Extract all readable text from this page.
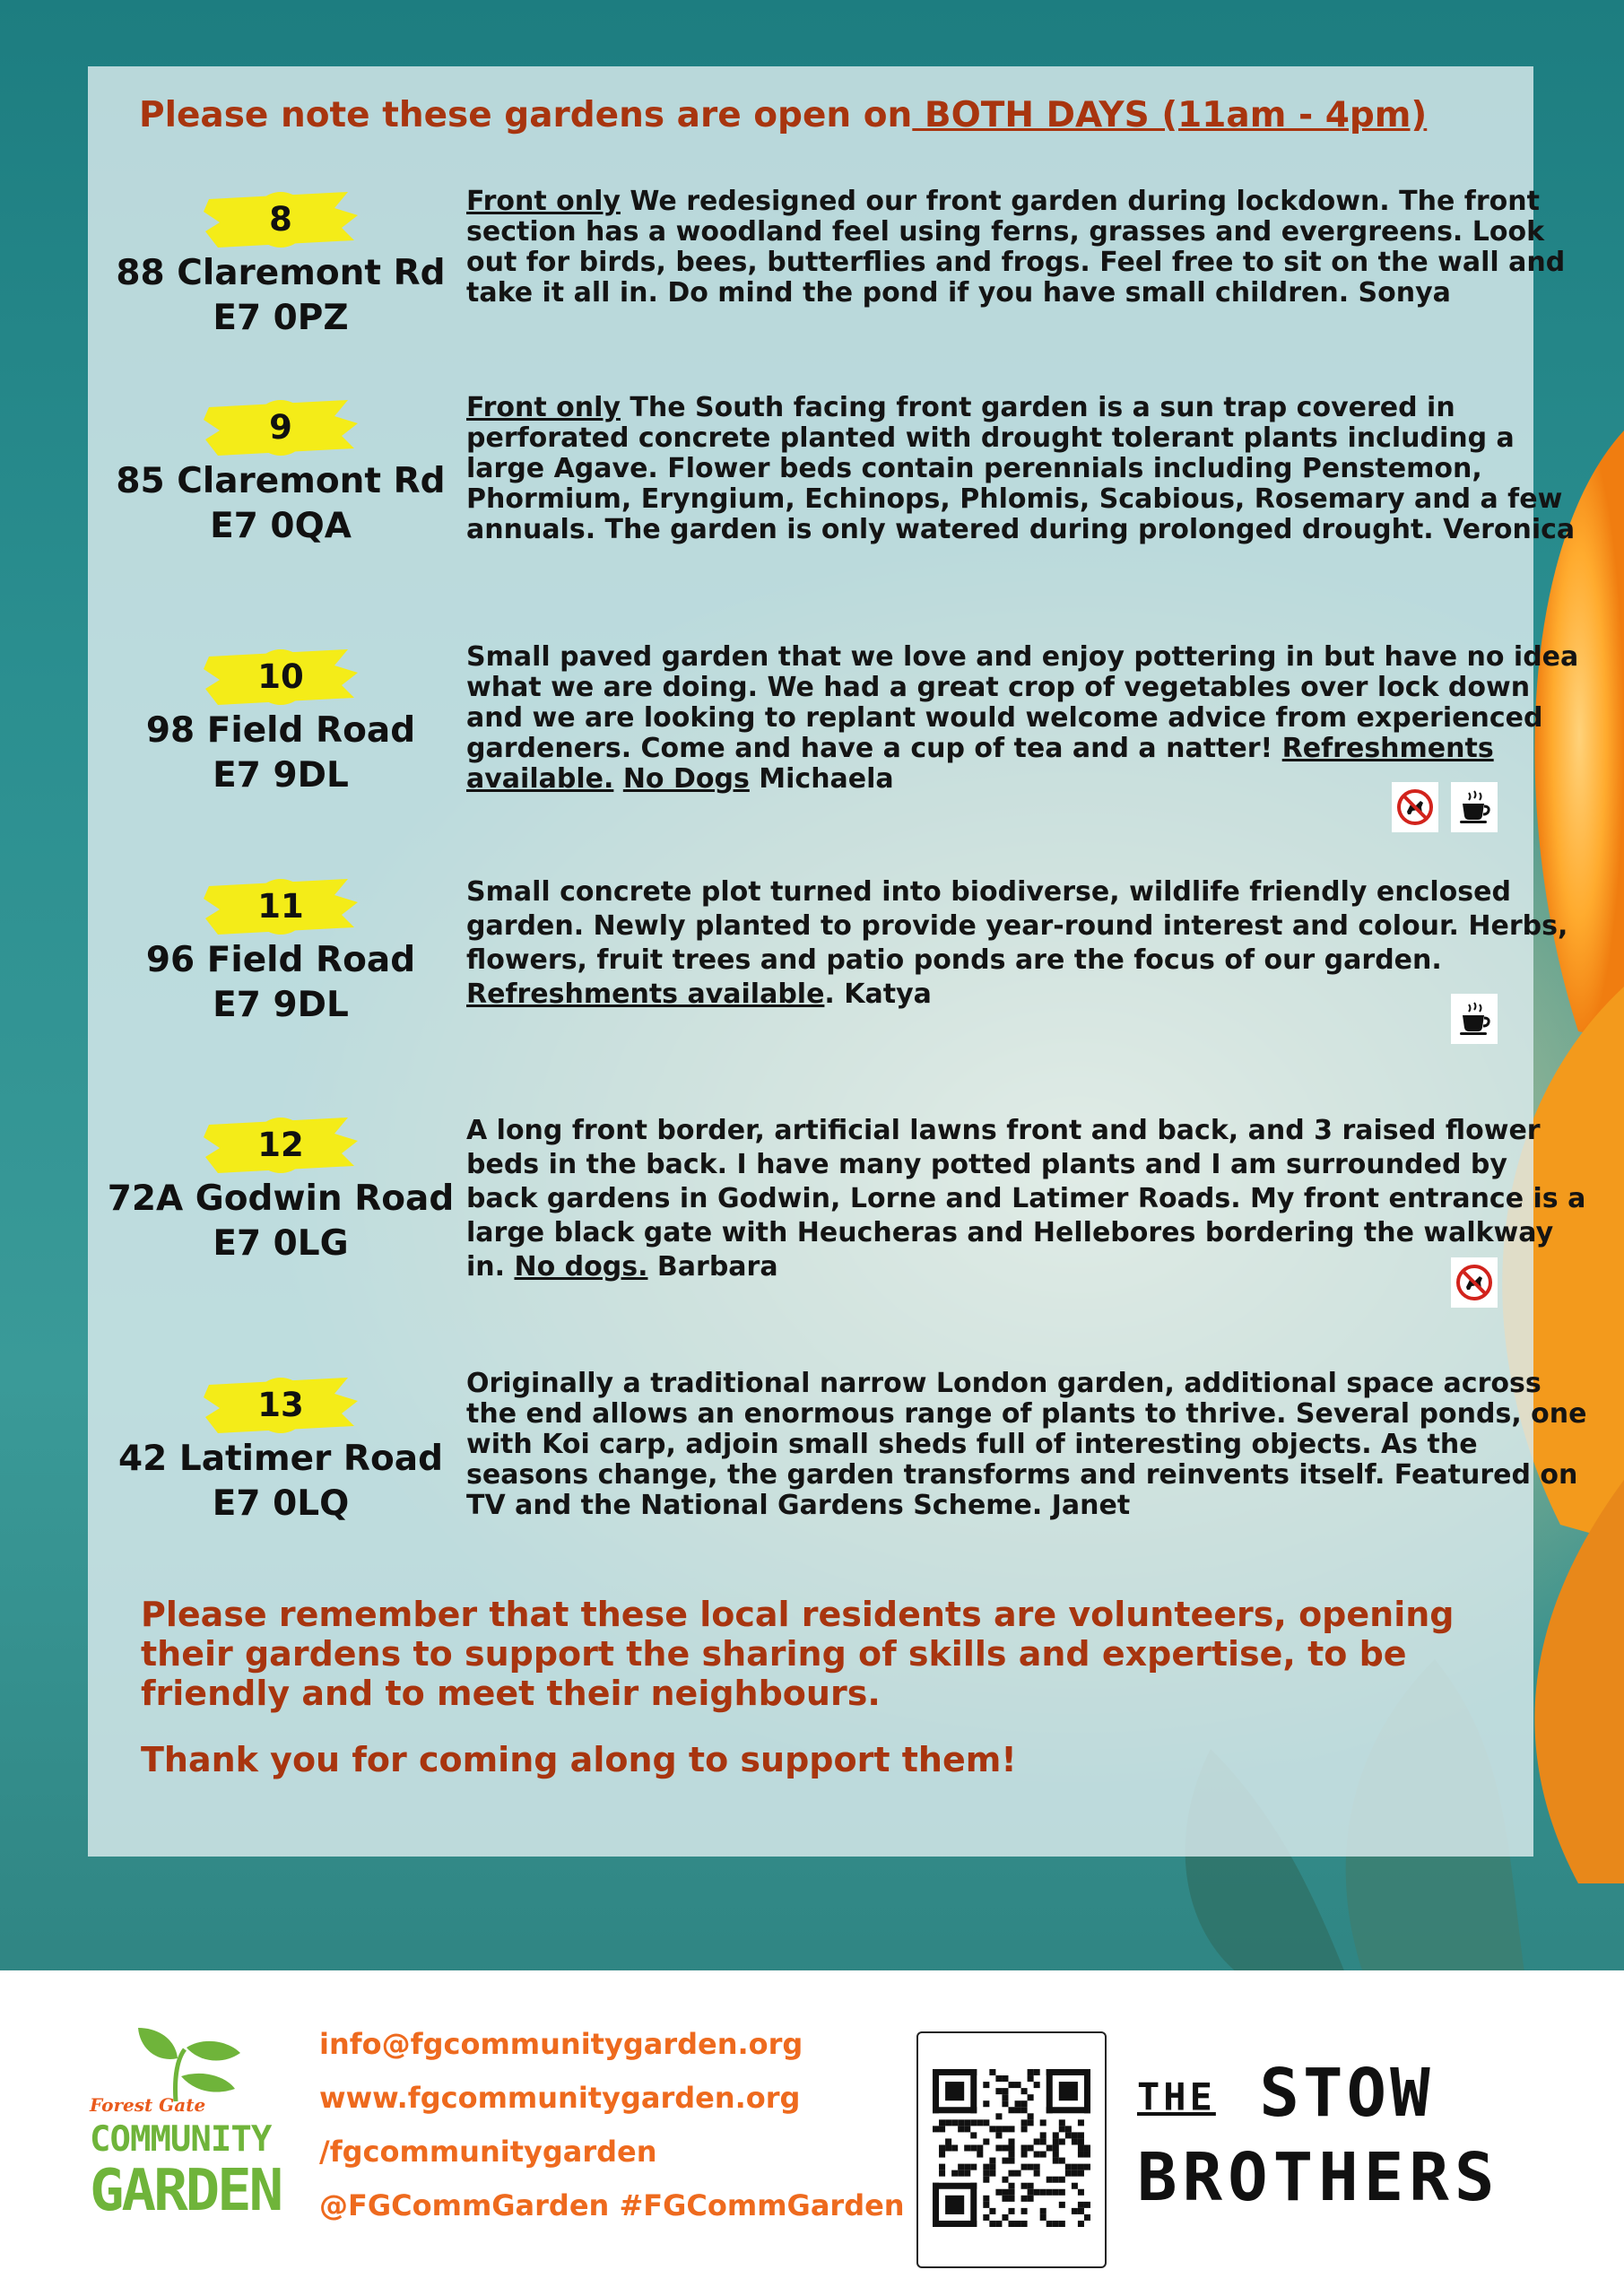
Please note these gardens are open on BOTH DAYS (11am - 4pm)
8
88 Claremont Rd
E7 0PZ
Front only We redesigned our front garden during lockdown. The front section has a woodland feel using ferns, grasses and evergreens. Look out for birds, bees, butterflies and frogs. Feel free to sit on the wall and take it all in. Do mind the pond if you have small children. Sonya
9
85 Claremont Rd
E7 0QA
Front only The South facing front garden is a sun trap covered in perforated concrete planted with drought tolerant plants including a large Agave. Flower beds contain perennials including Penstemon, Phormium, Eryngium, Echinops, Phlomis, Scabious, Rosemary and a few annuals. The garden is only watered during prolonged drought. Veronica
10
98 Field Road
E7 9DL
Small paved garden that we love and enjoy pottering in but have no idea what we are doing. We had a great crop of vegetables over lock down and we are looking to replant would welcome advice from experienced gardeners. Come and have a cup of tea and a natter! Refreshments available. No Dogs Michaela
11
96 Field Road
E7 9DL
Small concrete plot turned into biodiverse, wildlife friendly enclosed garden. Newly planted to provide year-round interest and colour. Herbs, flowers, fruit trees and patio ponds are the focus of our garden. Refreshments available. Katya
12
72A Godwin Road
E7 0LG
A long front border, artificial lawns front and back, and 3 raised flower beds in the back. I have many potted plants and I am surrounded by back gardens in Godwin, Lorne and Latimer Roads. My front entrance is a large black gate with Heucheras and Hellebores bordering the walkway in. No dogs. Barbara
13
42 Latimer Road
E7 0LQ
Originally a traditional narrow London garden, additional space across the end allows an enormous range of plants to thrive. Several ponds, one with Koi carp, adjoin small sheds full of interesting objects. As the seasons change, the garden transforms and reinvents itself. Featured on TV and the National Gardens Scheme. Janet
Please remember that these local residents are volunteers, opening their gardens to support the sharing of skills and expertise, to be friendly and to meet their neighbours.
Thank you for coming along to support them!
Forest Gate
COMMUNITY
GARDEN
info@fgcommunitygarden.org
www.fgcommunitygarden.org
/fgcommunitygarden
@FGCommGarden #FGCommGarden
THE STOW
BROTHERS
